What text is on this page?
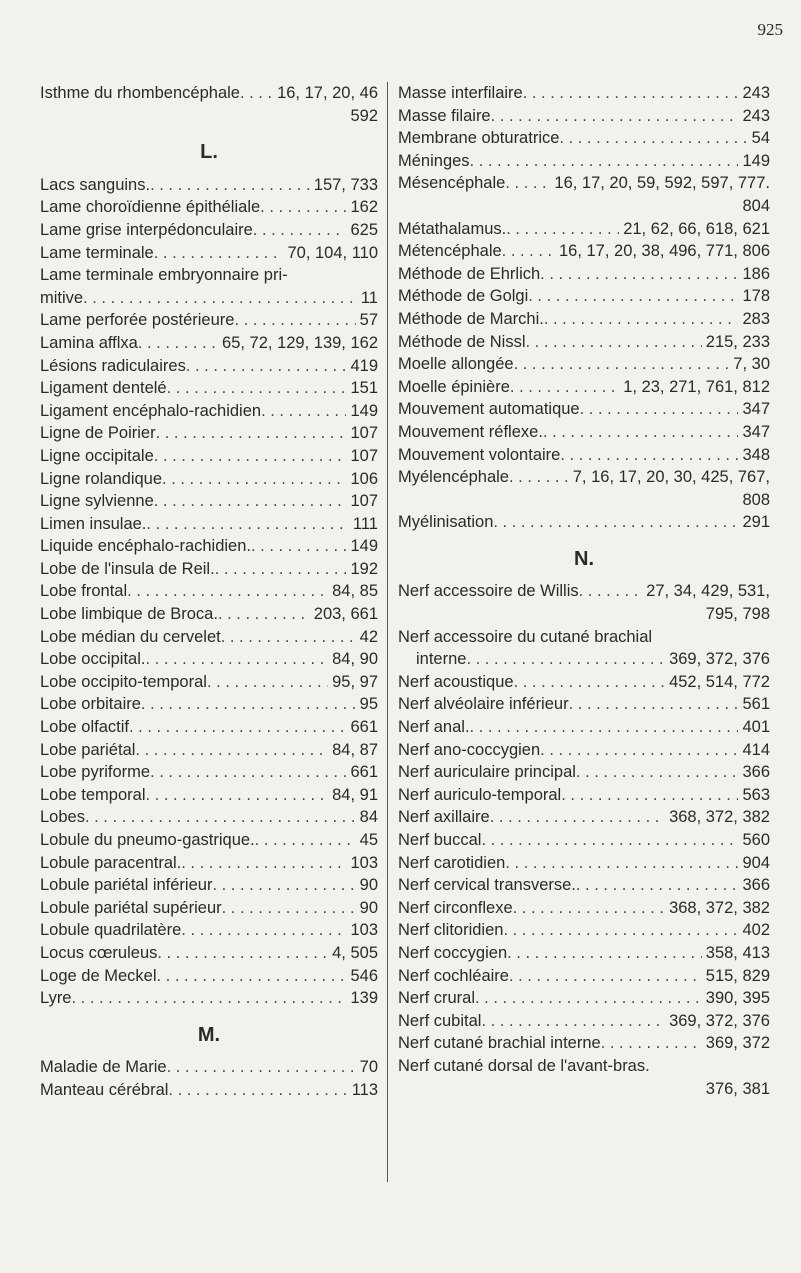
925
Isthme du rhombencéphale . . . 16, 17, 20, 46
592
L.
Lacs sanguins. . . .	157, 733
Lame choroïdienne épithéliale . . .	162
Lame grise interpédonculaire . . .	625
Lame terminale . . .	70, 104, 110
Lame terminale embryonnaire pri-
mitive . . .	11
Lame perforée postérieure . . .	57
Lamina afflxa . . .	65, 72, 129, 139, 162
Lésions radiculaires . . .	419
Ligament dentelé . . .	151
Ligament encéphalo-rachidien . . .	149
Ligne de Poirier . . .	107
Ligne occipitale . . .	107
Ligne rolandique . . .	106
Ligne sylvienne . . .	107
Limen insulae. . . .	111
Liquide encéphalo-rachidien. . . .	149
Lobe de l'insula de Reil. . . .	192
Lobe frontal . . .	84, 85
Lobe limbique de Broca. . . .	203, 661
Lobe médian du cervelet . . .	42
Lobe occipital. . . .	84, 90
Lobe occipito-temporal . . .	95, 97
Lobe orbitaire . . .	95
Lobe olfactif . . .	661
Lobe pariétal . . .	84, 87
Lobe pyriforme . . .	661
Lobe temporal . . .	84, 91
Lobes . . .	84
Lobule du pneumo-gastrique. . . .	45
Lobule paracentral. . . .	103
Lobule pariétal inférieur . . .	90
Lobule pariétal supérieur . . .	90
Lobule quadrilatère . . .	103
Locus cœruleus . . .	4, 505
Loge de Meckel . . .	546
Lyre . . .	139
M.
Maladie de Marie . . .	70
Manteau cérébral . . .	113
Masse interfilaire . . .	243
Masse filaire . . .	243
Membrane obturatrice . . .	54
Méninges . . .	149
Mésencéphale . . .	16, 17, 20, 59, 592, 597, 777.
804
Métathalamus. . . .	21, 62, 66, 618, 621
Métencéphale . . .	16, 17, 20, 38, 496, 771, 806
Méthode de Ehrlich . . .	186
Méthode de Golgi . . .	178
Méthode de Marchi. . . .	283
Méthode de Nissl . . .	215, 233
Moelle allongée . . .	7, 30
Moelle épinière . . .	1, 23, 271, 761, 812
Mouvement automatique . . .	347
Mouvement réflexe. . . .	347
Mouvement volontaire . . .	348
Myélencéphale . . .	7, 16, 17, 20, 30, 425, 767,
808
Myélinisation . . .	291
N.
Nerf accessoire de Willis . . .	27, 34, 429, 531,
795, 798
Nerf accessoire du cutané brachial
interne . . .	369, 372, 376
Nerf acoustique . . .	452, 514, 772
Nerf alvéolaire inférieur . . .	561
Nerf anal. . . .	401
Nerf ano-coccygien . . .	414
Nerf auriculaire principal . . .	366
Nerf auriculo-temporal . . .	563
Nerf axillaire . . .	368, 372, 382
Nerf buccal . . .	560
Nerf carotidien . . .	904
Nerf cervical transverse. . . .	366
Nerf circonflexe . . .	368, 372, 382
Nerf clitoridien . . .	402
Nerf coccygien . . .	358, 413
Nerf cochléaire . . .	515, 829
Nerf crural . . .	390, 395
Nerf cubital . . .	369, 372, 376
Nerf cutané brachial interne . . .	369, 372
Nerf cutané dorsal de l'avant-bras.
376, 381
